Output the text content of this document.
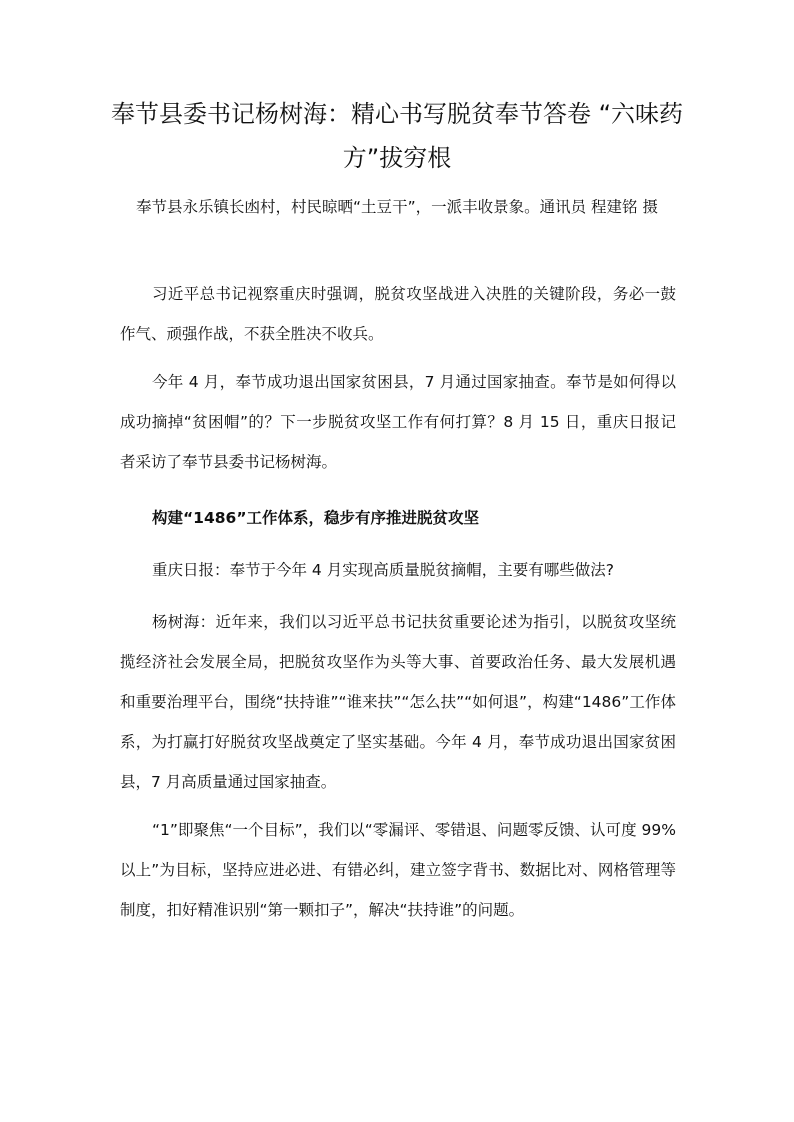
奉节县委书记杨树海：精心书写脱贫奉节答卷 “六味药方”拔穷根

奉节县永乐镇长凼村，村民晾晒“土豆干”，一派丰收景象。通讯员 程建铭 摄

习近平总书记视察重庆时强调，脱贫攻坚战进入决胜的关键阶段，务必一鼓作气、顽强作战，不获全胜决不收兵。

今年 4 月，奉节成功退出国家贫困县，7 月通过国家抽查。奉节是如何得以成功摘掉“贫困帽”的？下一步脱贫攻坚工作有何打算？8 月 15 日，重庆日报记者采访了奉节县委书记杨树海。

构建“1486”工作体系，稳步有序推进脱贫攻坚

重庆日报：奉节于今年 4 月实现高质量脱贫摘帽，主要有哪些做法?

杨树海：近年来，我们以习近平总书记扶贫重要论述为指引，以脱贫攻坚统揽经济社会发展全局，把脱贫攻坚作为头等大事、首要政治任务、最大发展机遇和重要治理平台，围绕“扶持谁”“谁来扶”“怎么扶”“如何退”，构建“1486”工作体系，为打赢打好脱贫攻坚战奠定了坚实基础。今年 4 月，奉节成功退出国家贫困县，7 月高质量通过国家抽查。

“1”即聚焦“一个目标”，我们以“零漏评、零错退、问题零反馈、认可度 99%以上”为目标，坚持应进必进、有错必纠，建立签字背书、数据比对、网格管理等制度，扣好精准识别“第一颗扣子”，解决“扶持谁”的问题。
